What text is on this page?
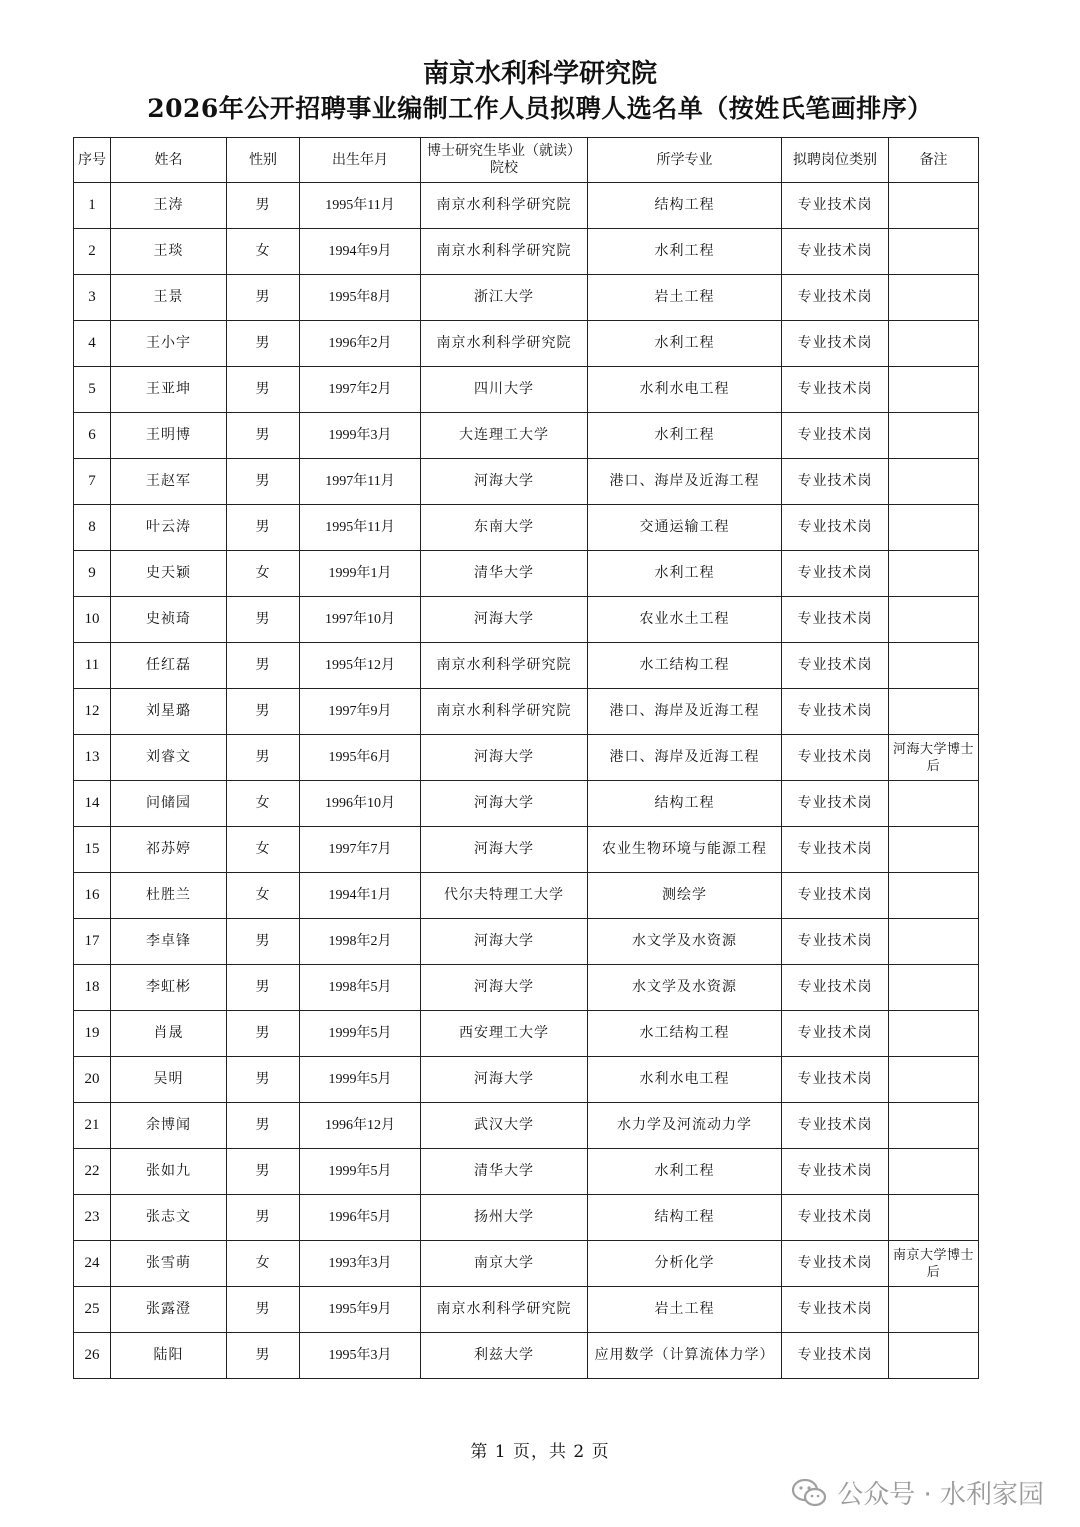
南京水利科学研究院
2026年公开招聘事业编制工作人员拟聘人选名单（按姓氏笔画排序）
序号	姓名	性别	出生年月	博士研究生毕业（就读）院校	所学专业	拟聘岗位类别	备注
1	王涛	男	1995年11月	南京水利科学研究院	结构工程	专业技术岗	
2	王琰	女	1994年9月	南京水利科学研究院	水利工程	专业技术岗	
3	王景	男	1995年8月	浙江大学	岩土工程	专业技术岗	
4	王小宇	男	1996年2月	南京水利科学研究院	水利工程	专业技术岗	
5	王亚坤	男	1997年2月	四川大学	水利水电工程	专业技术岗	
6	王明博	男	1999年3月	大连理工大学	水利工程	专业技术岗	
7	王赵军	男	1997年11月	河海大学	港口、海岸及近海工程	专业技术岗	
8	叶云涛	男	1995年11月	东南大学	交通运输工程	专业技术岗	
9	史天颖	女	1999年1月	清华大学	水利工程	专业技术岗	
10	史祯琦	男	1997年10月	河海大学	农业水土工程	专业技术岗	
11	任红磊	男	1995年12月	南京水利科学研究院	水工结构工程	专业技术岗	
12	刘星璐	男	1997年9月	南京水利科学研究院	港口、海岸及近海工程	专业技术岗	
13	刘睿文	男	1995年6月	河海大学	港口、海岸及近海工程	专业技术岗	河海大学博士后
14	问储园	女	1996年10月	河海大学	结构工程	专业技术岗	
15	祁苏婷	女	1997年7月	河海大学	农业生物环境与能源工程	专业技术岗	
16	杜胜兰	女	1994年1月	代尔夫特理工大学	测绘学	专业技术岗	
17	李卓锋	男	1998年2月	河海大学	水文学及水资源	专业技术岗	
18	李虹彬	男	1998年5月	河海大学	水文学及水资源	专业技术岗	
19	肖晟	男	1999年5月	西安理工大学	水工结构工程	专业技术岗	
20	吴明	男	1999年5月	河海大学	水利水电工程	专业技术岗	
21	余博闻	男	1996年12月	武汉大学	水力学及河流动力学	专业技术岗	
22	张如九	男	1999年5月	清华大学	水利工程	专业技术岗	
23	张志文	男	1996年5月	扬州大学	结构工程	专业技术岗	
24	张雪萌	女	1993年3月	南京大学	分析化学	专业技术岗	南京大学博士后
25	张露澄	男	1995年9月	南京水利科学研究院	岩土工程	专业技术岗	
26	陆阳	男	1995年3月	利兹大学	应用数学（计算流体力学）	专业技术岗	
第 1 页，共 2 页
公众号 · 水利家园
